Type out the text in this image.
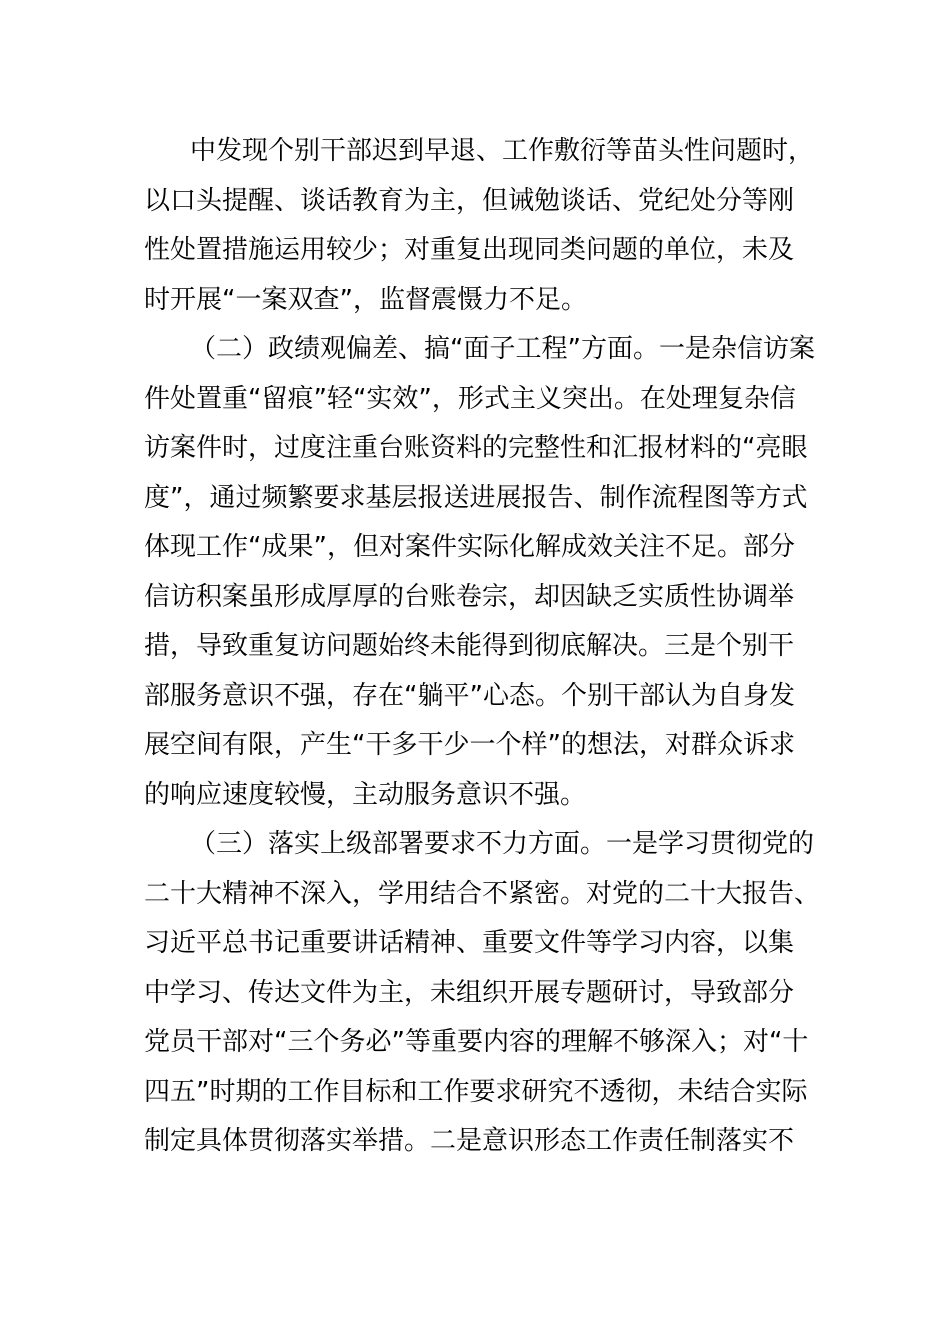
中发现个别干部迟到早退、工作敷衍等苗头性问题时，
以口头提醒、谈话教育为主，但诫勉谈话、党纪处分等刚
性处置措施运用较少；对重复出现同类问题的单位，未及
时开展“一案双查”，监督震慑力不足。
（二）政绩观偏差、搞“面子工程”方面。一是杂信访案
件处置重“留痕”轻“实效”，形式主义突出。在处理复杂信
访案件时，过度注重台账资料的完整性和汇报材料的“亮眼
度”，通过频繁要求基层报送进展报告、制作流程图等方式
体现工作“成果”，但对案件实际化解成效关注不足。部分
信访积案虽形成厚厚的台账卷宗，却因缺乏实质性协调举
措，导致重复访问题始终未能得到彻底解决。三是个别干
部服务意识不强，存在“躺平”心态。个别干部认为自身发
展空间有限，产生“干多干少一个样”的想法，对群众诉求
的响应速度较慢，主动服务意识不强。
（三）落实上级部署要求不力方面。一是学习贯彻党的
二十大精神不深入，学用结合不紧密。对党的二十大报告、
习近平总书记重要讲话精神、重要文件等学习内容，以集
中学习、传达文件为主，未组织开展专题研讨，导致部分
党员干部对“三个务必”等重要内容的理解不够深入；对“十
四五”时期的工作目标和工作要求研究不透彻，未结合实际
制定具体贯彻落实举措。二是意识形态工作责任制落实不
